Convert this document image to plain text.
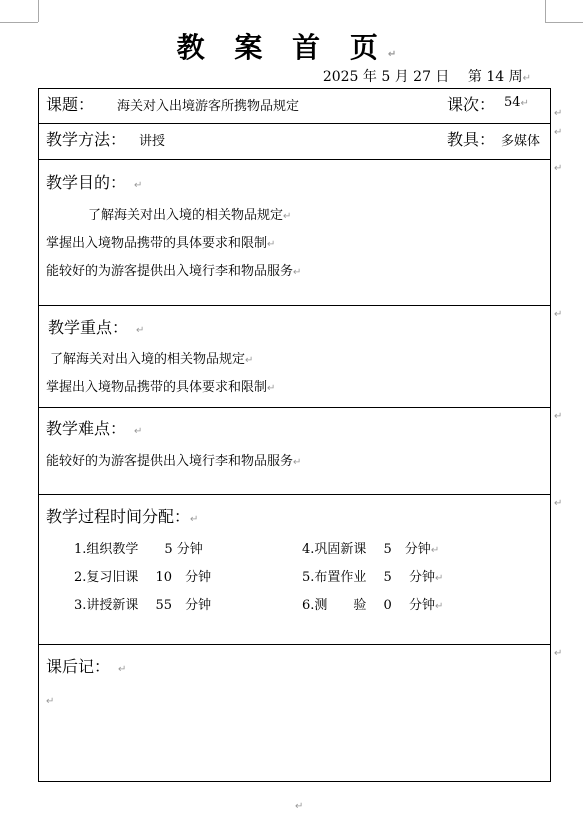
教 案 首 页↵
2025 年 5 月 27 日　 第 14 周↵
↵
↵
↵
↵
↵
↵
↵
课题： 海关对入出境游客所携物品规定	课次： 54↵
教学方法： 讲授	教具： 多媒体
教学目的：　 ↵
了解海关对出入境的相关物品规定↵
掌握出入境物品携带的具体要求和限制↵
能较好的为游客提供出入境行李和物品服务↵
教学重点：　 ↵
了解海关对出入境的相关物品规定↵
掌握出入境物品携带的具体要求和限制↵
教学难点：　 ↵
能较好的为游客提供出入境行李和物品服务↵
教学过程时间分配：↵
1.组织教学　　5 分钟
2.复习旧课　 10　分钟
3.讲授新课　 55　分钟
4.巩固新课　 5　分钟↵
5.布置作业　 5　 分钟↵
6.测　　验　 0　 分钟↵
课后记：　 ↵
↵
↵
